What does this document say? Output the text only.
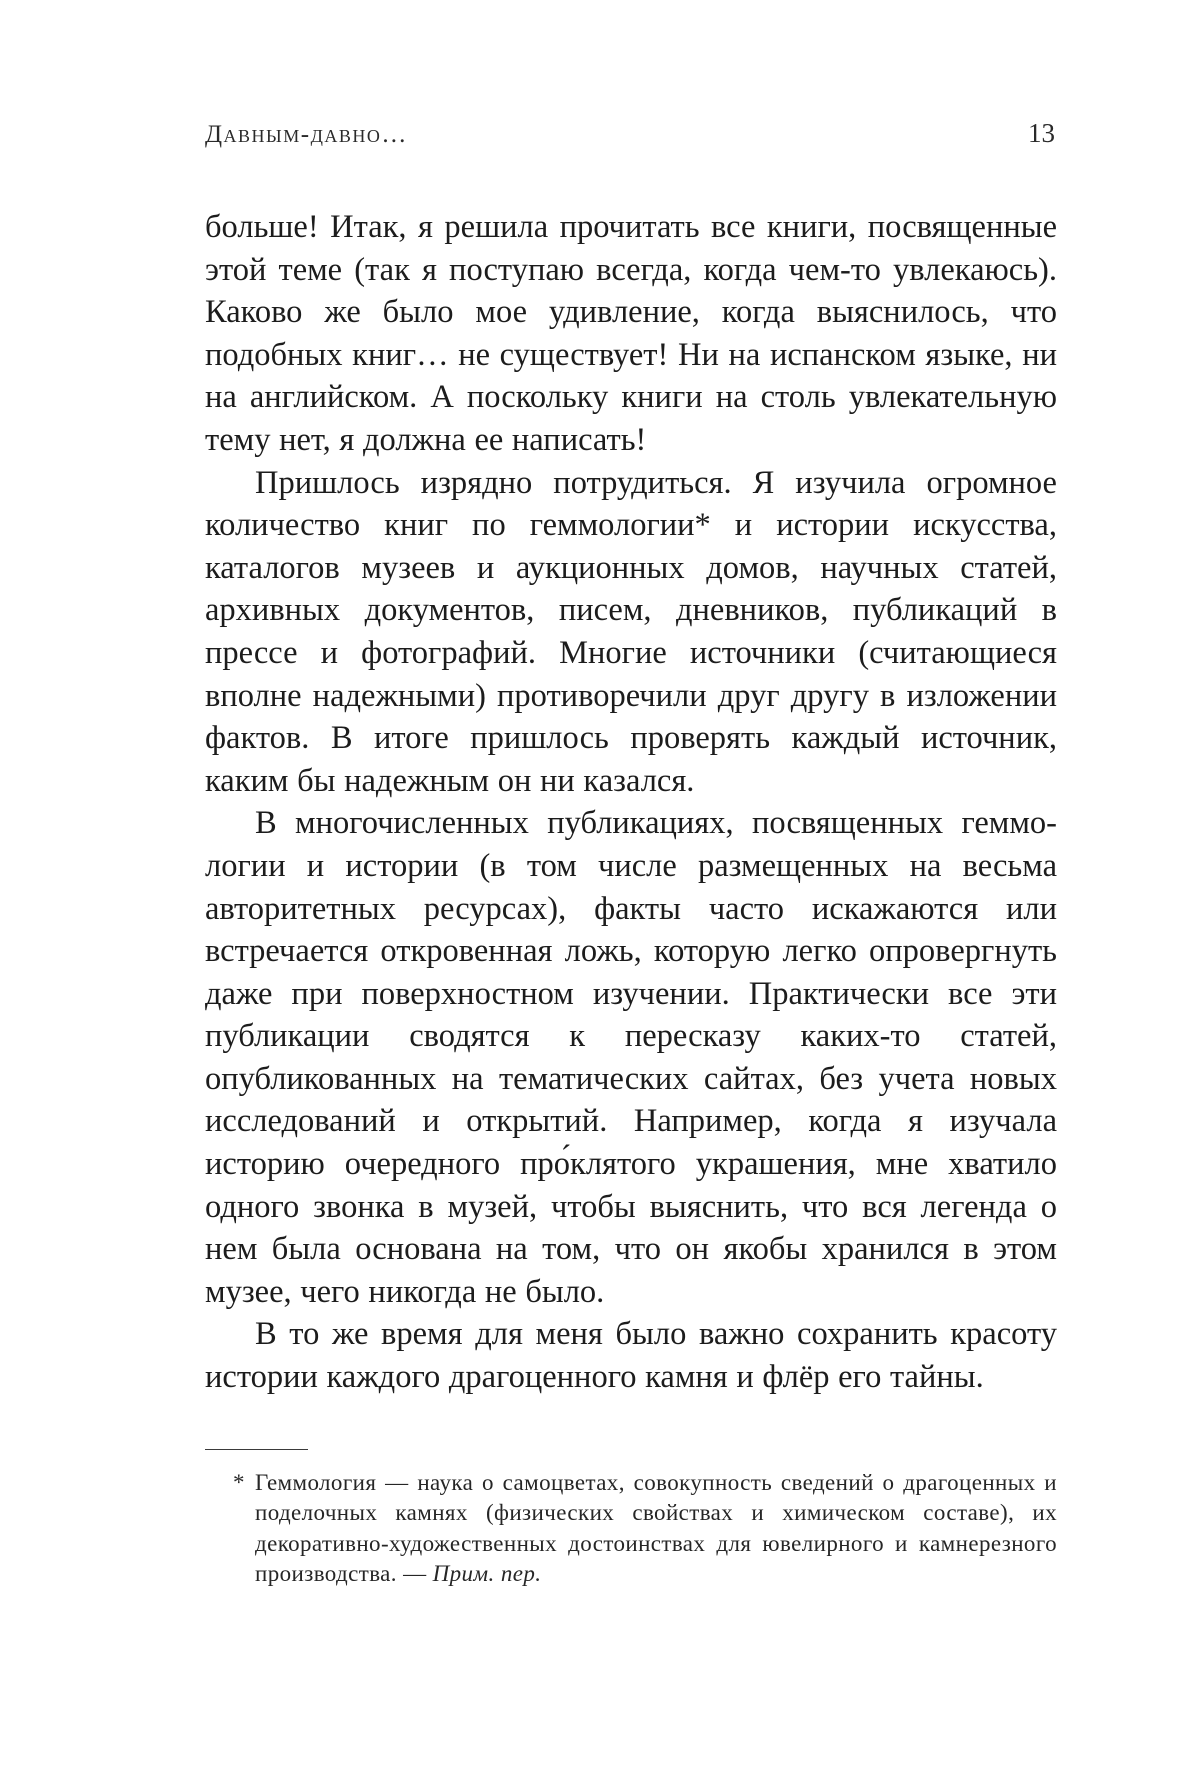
Давным-давно…	13

больше! Итак, я решила прочитать все книги, посвященные этой теме (так я поступаю всегда, когда чем-то увлекаюсь). Каково же было мое удивление, когда выяснилось, что подобных книг… не существует! Ни на испанском языке, ни на английском. А поскольку книги на столь увлекательную тему нет, я должна ее написать!

Пришлось изрядно потрудиться. Я изучила огромное количество книг по геммологии* и истории искусства, каталогов музеев и аукционных домов, научных статей, архивных документов, писем, дневников, публикаций в прессе и фотографий. Многие источники (считающиеся вполне надежными) противоречили друг другу в изложении фактов. В итоге пришлось проверять каждый источник, каким бы надежным он ни казался.

В многочисленных публикациях, посвященных геммологии и истории (в том числе размещенных на весьма авторитетных ресурсах), факты часто искажаются или встречается откровенная ложь, которую легко опровергнуть даже при поверхностном изучении. Практически все эти публикации сводятся к пересказу каких-то статей, опубликованных на тематических сайтах, без учета новых исследований и открытий. Например, когда я изучала историю очередного про́клятого украшения, мне хватило одного звонка в музей, чтобы выяснить, что вся легенда о нем была основана на том, что он якобы хранился в этом музее, чего никогда не было.

В то же время для меня было важно сохранить красоту истории каждого драгоценного камня и флёр его тайны.

* Геммология — наука о самоцветах, совокупность сведений о драгоценных и поделочных камнях (физических свойствах и химическом составе), их декоративно-художественных достоинствах для ювелирного и камнерезного производства. — Прим. пер.
